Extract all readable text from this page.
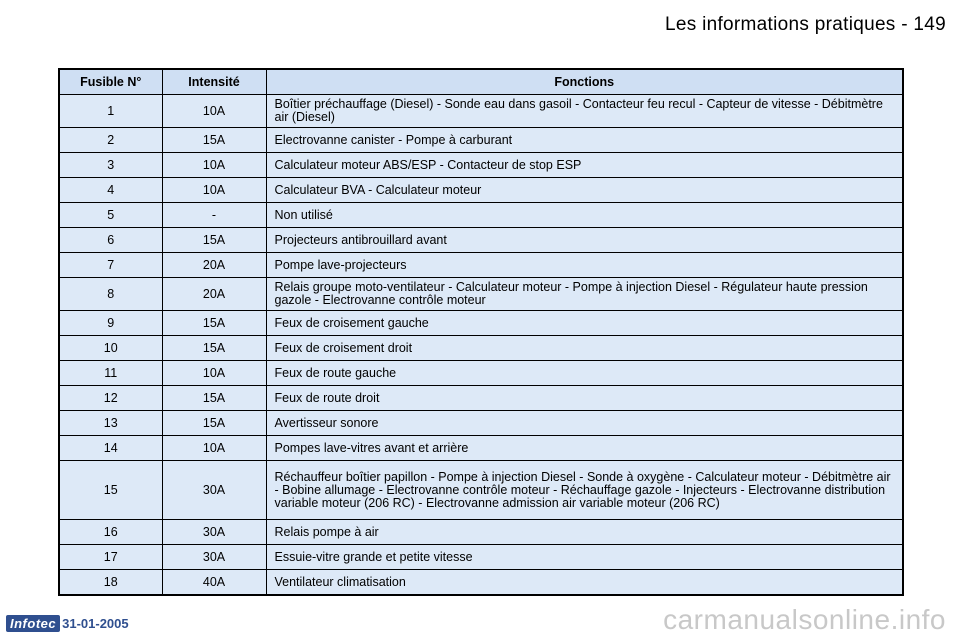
Les informations pratiques - 149
Fusible N°	Intensité	Fonctions
1	10A	Boîtier préchauffage (Diesel) - Sonde eau dans gasoil - Contacteur feu recul - Capteur de vitesse - Débitmètre air (Diesel)
2	15A	Electrovanne canister - Pompe à carburant
3	10A	Calculateur moteur ABS/ESP - Contacteur de stop ESP
4	10A	Calculateur BVA - Calculateur moteur
5	-	Non utilisé
6	15A	Projecteurs antibrouillard avant
7	20A	Pompe lave-projecteurs
8	20A	Relais groupe moto-ventilateur - Calculateur moteur - Pompe à injection Diesel - Régulateur haute pression gazole - Electrovanne contrôle moteur
9	15A	Feux de croisement gauche
10	15A	Feux de croisement droit
11	10A	Feux de route gauche
12	15A	Feux de route droit
13	15A	Avertisseur sonore
14	10A	Pompes lave-vitres avant et arrière
15	30A	Réchauffeur boîtier papillon - Pompe à injection Diesel - Sonde à oxygène - Calculateur moteur - Débitmètre air - Bobine allumage - Electrovanne contrôle moteur - Réchauffage gazole - Injecteurs - Electrovanne distribution variable moteur (206 RC) - Electrovanne admission air variable moteur (206 RC)
16	30A	Relais pompe à air
17	30A	Essuie-vitre grande et petite vitesse
18	40A	Ventilateur climatisation
Infotec 31-01-2005	carmanualsonline.info
